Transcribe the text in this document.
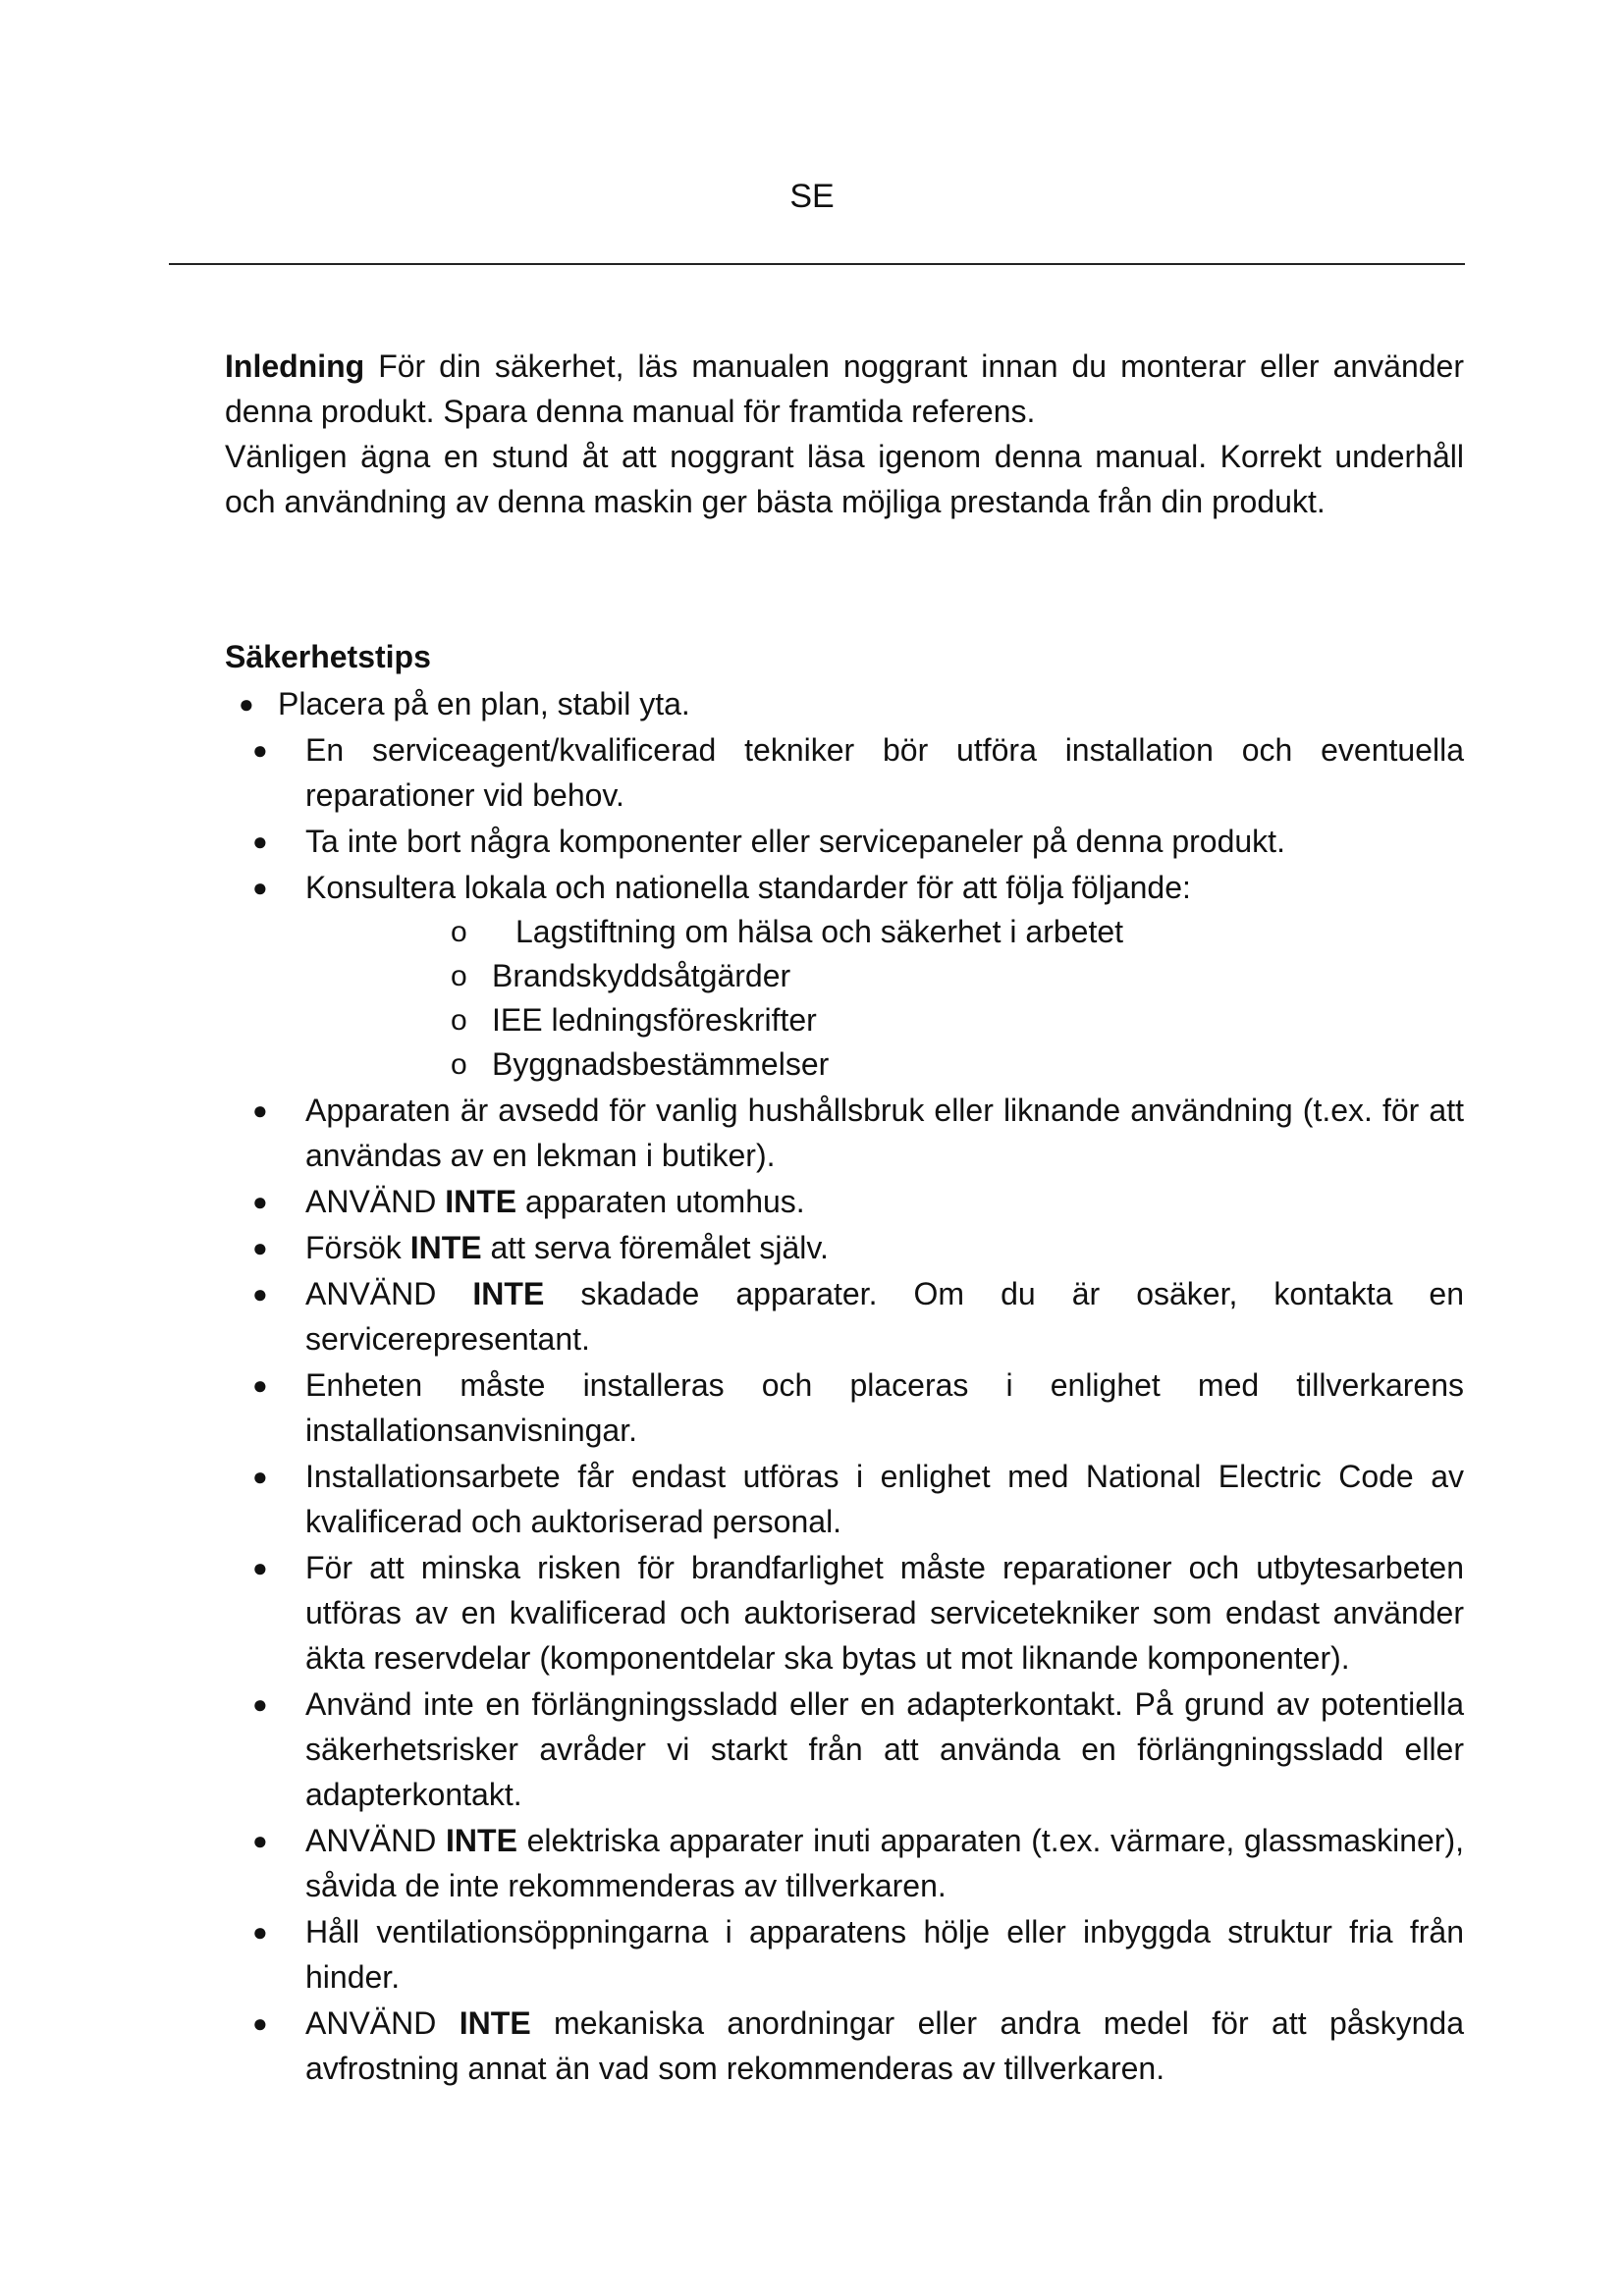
SE

Inledning För din säkerhet, läs manualen noggrant innan du monterar eller använder denna produkt. Spara denna manual för framtida referens.

Vänligen ägna en stund åt att noggrant läsa igenom denna manual. Korrekt underhåll och användning av denna maskin ger bästa möjliga prestanda från din produkt.

Säkerhetstips
● Placera på en plan, stabil yta.
●	En serviceagent/kvalificerad tekniker bör utföra installation och eventuella reparationer vid behov.
●	Ta inte bort några komponenter eller servicepaneler på denna produkt.
●	Konsultera lokala och nationella standarder för att följa följande:
o Lagstiftning om hälsa och säkerhet i arbetet
o Brandskyddsåtgärder
o IEE ledningsföreskrifter
o Byggnadsbestämmelser
●	Apparaten är avsedd för vanlig hushållsbruk eller liknande användning (t.ex. för att användas av en lekman i butiker).
●	ANVÄND INTE apparaten utomhus.
●	Försök INTE att serva föremålet själv.
●	ANVÄND INTE skadade apparater. Om du är osäker, kontakta en servicerepresentant.
●	Enheten måste installeras och placeras i enlighet med tillverkarens installationsanvisningar.
●	Installationsarbete får endast utföras i enlighet med National Electric Code av kvalificerad och auktoriserad personal.
●	För att minska risken för brandfarlighet måste reparationer och utbytesarbeten utföras av en kvalificerad och auktoriserad servicetekniker som endast använder äkta reservdelar (komponentdelar ska bytas ut mot liknande komponenter).
●	Använd inte en förlängningssladd eller en adapterkontakt. På grund av potentiella säkerhetsrisker avråder vi starkt från att använda en förlängningssladd eller adapterkontakt.
●	ANVÄND INTE elektriska apparater inuti apparaten (t.ex. värmare, glassmaskiner), såvida de inte rekommenderas av tillverkaren.
●	Håll ventilationsöppningarna i apparatens hölje eller inbyggda struktur fria från hinder.
●	ANVÄND INTE mekaniska anordningar eller andra medel för att påskynda avfrostning annat än vad som rekommenderas av tillverkaren.
